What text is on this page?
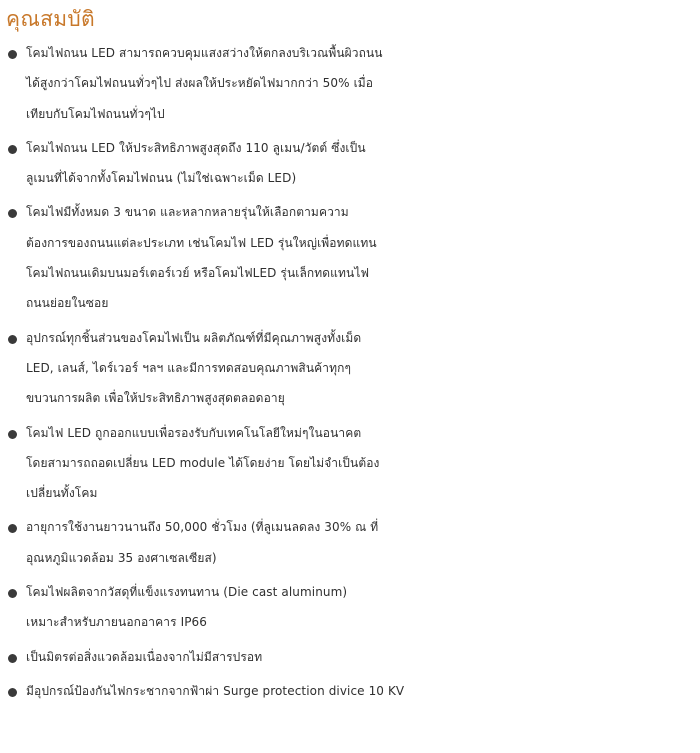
คุณสมบัติ
โคมไฟถนน LED สามารถควบคุมแสงสว่างให้ตกลงบริเวณพื้นผิวถนน
ได้สูงกว่าโคมไฟถนนทั่วๆไป ส่งผลให้ประหยัดไฟมากกว่า 50% เมื่อ
เทียบกับโคมไฟถนนทั่วๆไป
โคมไฟถนน LED ให้ประสิทธิภาพสูงสุดถึง 110 ลูเมน/วัตต์ ซึ่งเป็น
ลูเมนที่ได้จากทั้งโคมไฟถนน (ไม่ใช่เฉพาะเม็ด LED)
โคมไฟมีทั้งหมด 3 ขนาด และหลากหลายรุ่นให้เลือกตามความ
ต้องการของถนนแต่ละประเภท เช่นโคมไฟ LED รุ่นใหญ่เพื่อทดแทน
โคมไฟถนนเดิมบนมอร์เตอร์เวย์ หรือโคมไฟLED รุ่นเล็กทดแทนไฟ
ถนนย่อยในซอย
อุปกรณ์ทุกชิ้นส่วนของโคมไฟเป็น ผลิตภัณฑ์ที่มีคุณภาพสูงทั้งเม็ด
LED, เลนส์, ไดร์เวอร์ ฯลฯ และมีการทดสอบคุณภาพสินค้าทุกๆ
ขบวนการผลิต เพื่อให้ประสิทธิภาพสูงสุดตลอดอายุ
โคมไฟ LED ถูกออกแบบเพื่อรองรับกับเทคโนโลยีใหม่ๆในอนาคต
โดยสามารถถอดเปลี่ยน LED module ได้โดยง่าย โดยไม่จำเป็นต้อง
เปลี่ยนทั้งโคม
อายุการใช้งานยาวนานถึง 50,000 ชั่วโมง (ที่ลูเมนลดลง 30% ณ ที่
อุณหภูมิแวดล้อม 35 องศาเซลเซียส)
โคมไฟผลิตจากวัสดุที่แข็งแรงทนทาน (Die cast aluminum)
เหมาะสำหรับภายนอกอาคาร IP66
เป็นมิตรต่อสิ่งแวดล้อมเนื่องจากไม่มีสารปรอท
มีอุปกรณ์ป้องกันไฟกระชากจากฟ้าผ่า Surge protection divice 10 KV
